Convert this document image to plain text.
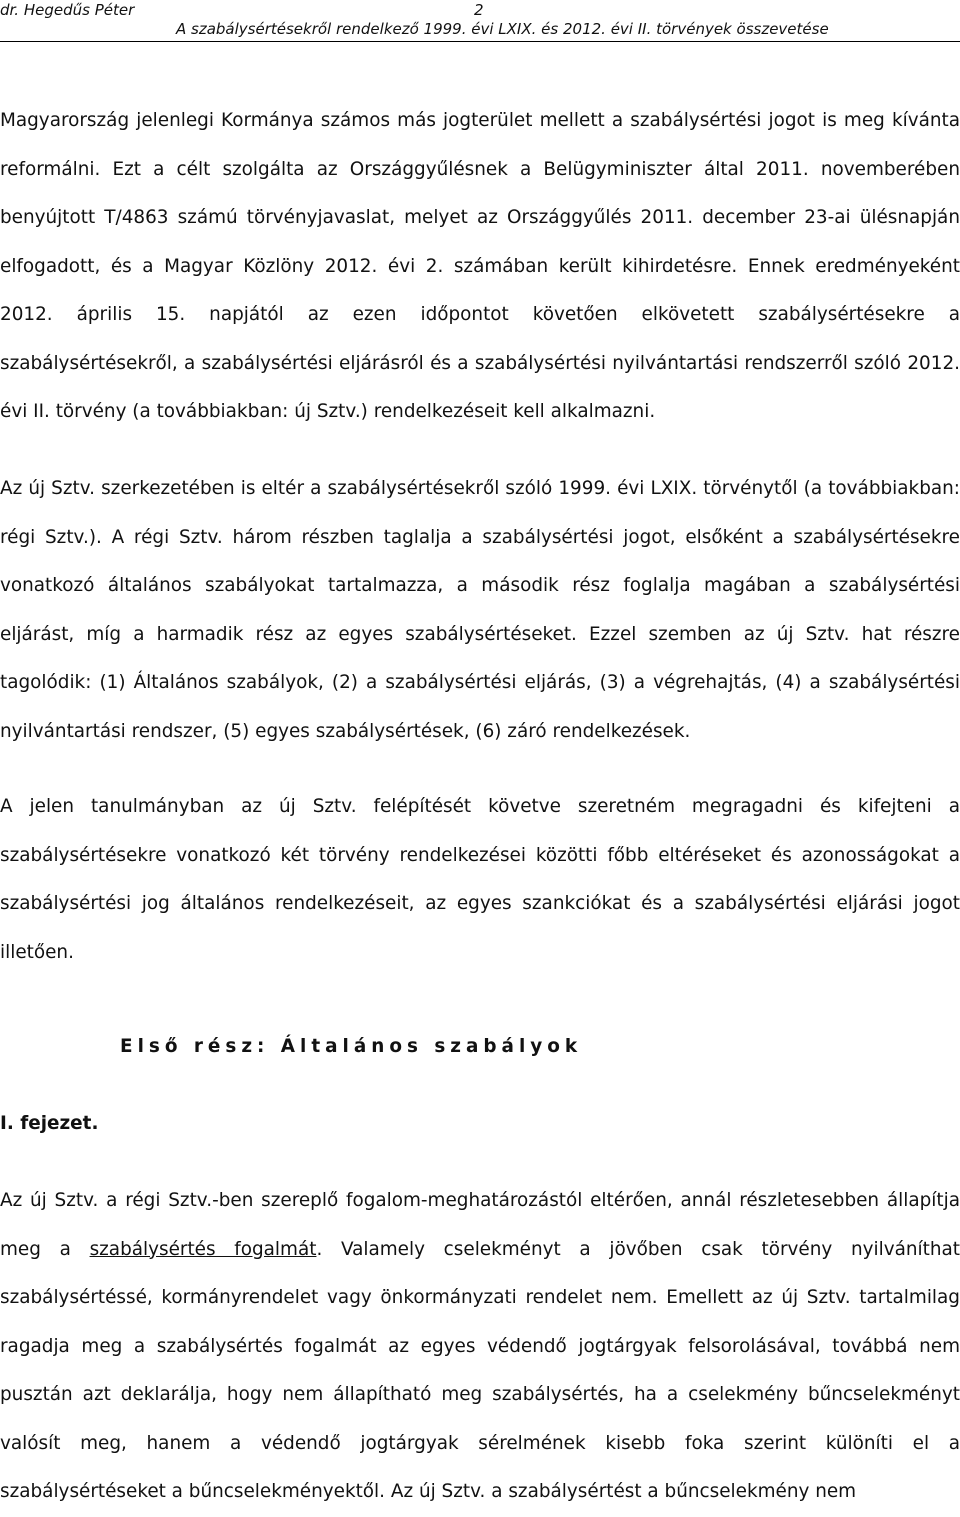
dr. Hegedűs Péter	2
A szabálysértésekről rendelkező 1999. évi LXIX. és 2012. évi II. törvények összevetése

Magyarország jelenlegi Kormánya számos más jogterület mellett a szabálysértési jogot is meg kívánta reformálni. Ezt a célt szolgálta az Országgyűlésnek a Belügyminiszter által 2011. novemberében benyújtott T/4863 számú törvényjavaslat, melyet az Országgyűlés 2011. december 23-ai ülésnapján elfogadott, és a Magyar Közlöny 2012. évi 2. számában került kihirdetésre. Ennek eredményeként 2012. április 15. napjától az ezen időpontot követően elkövetett szabálysértésekre a szabálysértésekről, a szabálysértési eljárásról és a szabálysértési nyilvántartási rendszerről szóló 2012. évi II. törvény (a továbbiakban: új Sztv.) rendelkezéseit kell alkalmazni.

Az új Sztv. szerkezetében is eltér a szabálysértésekről szóló 1999. évi LXIX. törvénytől (a továbbiakban: régi Sztv.). A régi Sztv. három részben taglalja a szabálysértési jogot, elsőként a szabálysértésekre vonatkozó általános szabályokat tartalmazza, a második rész foglalja magában a szabálysértési eljárást, míg a harmadik rész az egyes szabálysértéseket. Ezzel szemben az új Sztv. hat részre tagolódik: (1) Általános szabályok, (2) a szabálysértési eljárás, (3) a végrehajtás, (4) a szabálysértési nyilvántartási rendszer, (5) egyes szabálysértések, (6) záró rendelkezések.

A jelen tanulmányban az új Sztv. felépítését követve szeretném megragadni és kifejteni a szabálysértésekre vonatkozó két törvény rendelkezései közötti főbb eltéréseket és azonosságokat a szabálysértési jog általános rendelkezéseit, az egyes szankciókat és a szabálysértési eljárási jogot illetően.

Első rész: Általános szabályok

I. fejezet.

Az új Sztv. a régi Sztv.-ben szereplő fogalom-meghatározástól eltérően, annál részletesebben állapítja meg a szabálysértés fogalmát. Valamely cselekményt a jövőben csak törvény nyilváníthat szabálysértéssé, kormányrendelet vagy önkormányzati rendelet nem. Emellett az új Sztv. tartalmilag ragadja meg a szabálysértés fogalmát az egyes védendő jogtárgyak felsorolásával, továbbá nem pusztán azt deklarálja, hogy nem állapítható meg szabálysértés, ha a cselekmény bűncselekményt valósít meg, hanem a védendő jogtárgyak sérelmének kisebb foka szerint különíti el a szabálysértéseket a bűncselekményektől. Az új Sztv. a szabálysértést a bűncselekmény nem
